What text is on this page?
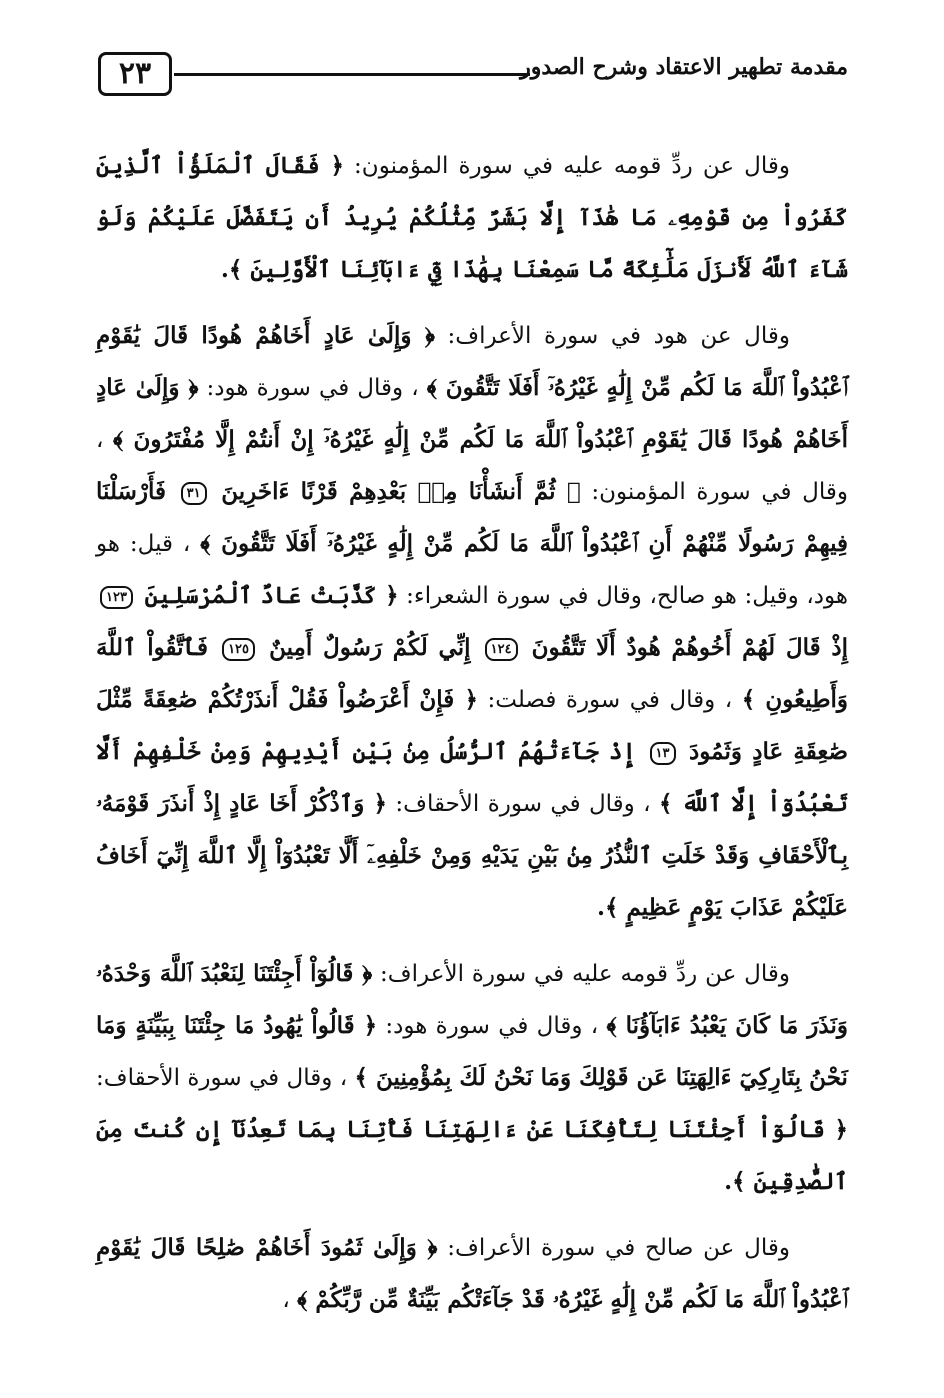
٢٣	مقدمة تطهير الاعتقاد وشرح الصدور

وقال عن ردِّ قومه عليه في سورة المؤمنون: ﴿ فَقَالَ ٱلْمَلَؤُاْ ٱلَّذِينَ كَفَرُواْ مِن قَوْمِهِۦ مَا هَٰذَآ إِلَّا بَشَرٌ مِّثْلُكُمْ يُرِيدُ أَن يَتَفَضَّلَ عَلَيْكُمْ وَلَوْ شَآءَ ٱللَّهُ لَأَنزَلَ مَلَٰٓئِكَةً مَّا سَمِعْنَا بِهَٰذَا فِيٓ ءَابَآئِنَا ٱلْأَوَّلِينَ ﴾.

وقال عن هود في سورة الأعراف: ﴿ وَإِلَىٰ عَادٍ أَخَاهُمْ هُودًا قَالَ يَٰقَوْمِ ٱعْبُدُواْ ٱللَّهَ مَا لَكُم مِّنْ إِلَٰهٍ غَيْرُهُۥٓ أَفَلَا تَتَّقُونَ ﴾ ، وقال في سورة هود: ﴿ وَإِلَىٰ عَادٍ أَخَاهُمْ هُودًا قَالَ يَٰقَوْمِ ٱعْبُدُواْ ٱللَّهَ مَا لَكُم مِّنْ إِلَٰهٍ غَيْرُهُۥٓ إِنْ أَنتُمْ إِلَّا مُفْتَرُونَ ﴾ ، وقال في سورة المؤمنون: ﴿ ثُمَّ أَنشَأْنَا مِنۢ بَعْدِهِمْ قَرْنًا ءَاخَرِينَ ٣١ فَأَرْسَلْنَا فِيهِمْ رَسُولًا مِّنْهُمْ أَنِ ٱعْبُدُواْ ٱللَّهَ مَا لَكُم مِّنْ إِلَٰهٍ غَيْرُهُۥٓ أَفَلَا تَتَّقُونَ ﴾ ، قيل: هو هود، وقيل: هو صالح، وقال في سورة الشعراء: ﴿ كَذَّبَتْ عَادٌ ٱلْمُرْسَلِينَ ١٢٣ إِذْ قَالَ لَهُمْ أَخُوهُمْ هُودٌ أَلَا تَتَّقُونَ ١٢٤ إِنِّي لَكُمْ رَسُولٌ أَمِينٌ ١٢٥ فَٱتَّقُواْ ٱللَّهَ وَأَطِيعُونِ ﴾ ، وقال في سورة فصلت: ﴿ فَإِنْ أَعْرَضُواْ فَقُلْ أَنذَرْتُكُمْ صَٰعِقَةً مِّثْلَ صَٰعِقَةِ عَادٍ وَثَمُودَ ١٣ إِذْ جَآءَتْهُمُ ٱلرُّسُلُ مِنۢ بَيْنِ أَيْدِيهِمْ وَمِنْ خَلْفِهِمْ أَلَّا تَعْبُدُوٓاْ إِلَّا ٱللَّهَ ﴾ ، وقال في سورة الأحقاف: ﴿ وَٱذْكُرْ أَخَا عَادٍ إِذْ أَنذَرَ قَوْمَهُۥ بِٱلْأَحْقَافِ وَقَدْ خَلَتِ ٱلنُّذُرُ مِنۢ بَيْنِ يَدَيْهِ وَمِنْ خَلْفِهِۦٓ أَلَّا تَعْبُدُوٓاْ إِلَّا ٱللَّهَ إِنِّيٓ أَخَافُ عَلَيْكُمْ عَذَابَ يَوْمٍ عَظِيمٍ ﴾.

وقال عن ردِّ قومه عليه في سورة الأعراف: ﴿ قَالُوٓاْ أَجِئْتَنَا لِنَعْبُدَ ٱللَّهَ وَحْدَهُۥ وَنَذَرَ مَا كَانَ يَعْبُدُ ءَابَآؤُنَا ﴾ ، وقال في سورة هود: ﴿ قَالُواْ يَٰهُودُ مَا جِئْتَنَا بِبَيِّنَةٍ وَمَا نَحْنُ بِتَارِكِيٓ ءَالِهَتِنَا عَن قَوْلِكَ وَمَا نَحْنُ لَكَ بِمُؤْمِنِينَ ﴾ ، وقال في سورة الأحقاف: ﴿ قَالُوٓاْ أَجِئْتَنَا لِتَأْفِكَنَا عَنْ ءَالِهَتِنَا فَأْتِنَا بِمَا تَعِدُنَآ إِن كُنتَ مِنَ ٱلصَّٰدِقِينَ ﴾.

وقال عن صالح في سورة الأعراف: ﴿ وَإِلَىٰ ثَمُودَ أَخَاهُمْ صَٰلِحًا قَالَ يَٰقَوْمِ ٱعْبُدُواْ ٱللَّهَ مَا لَكُم مِّنْ إِلَٰهٍ غَيْرُهُۥ قَدْ جَآءَتْكُم بَيِّنَةٌ مِّن رَّبِّكُمْ ﴾ ،
